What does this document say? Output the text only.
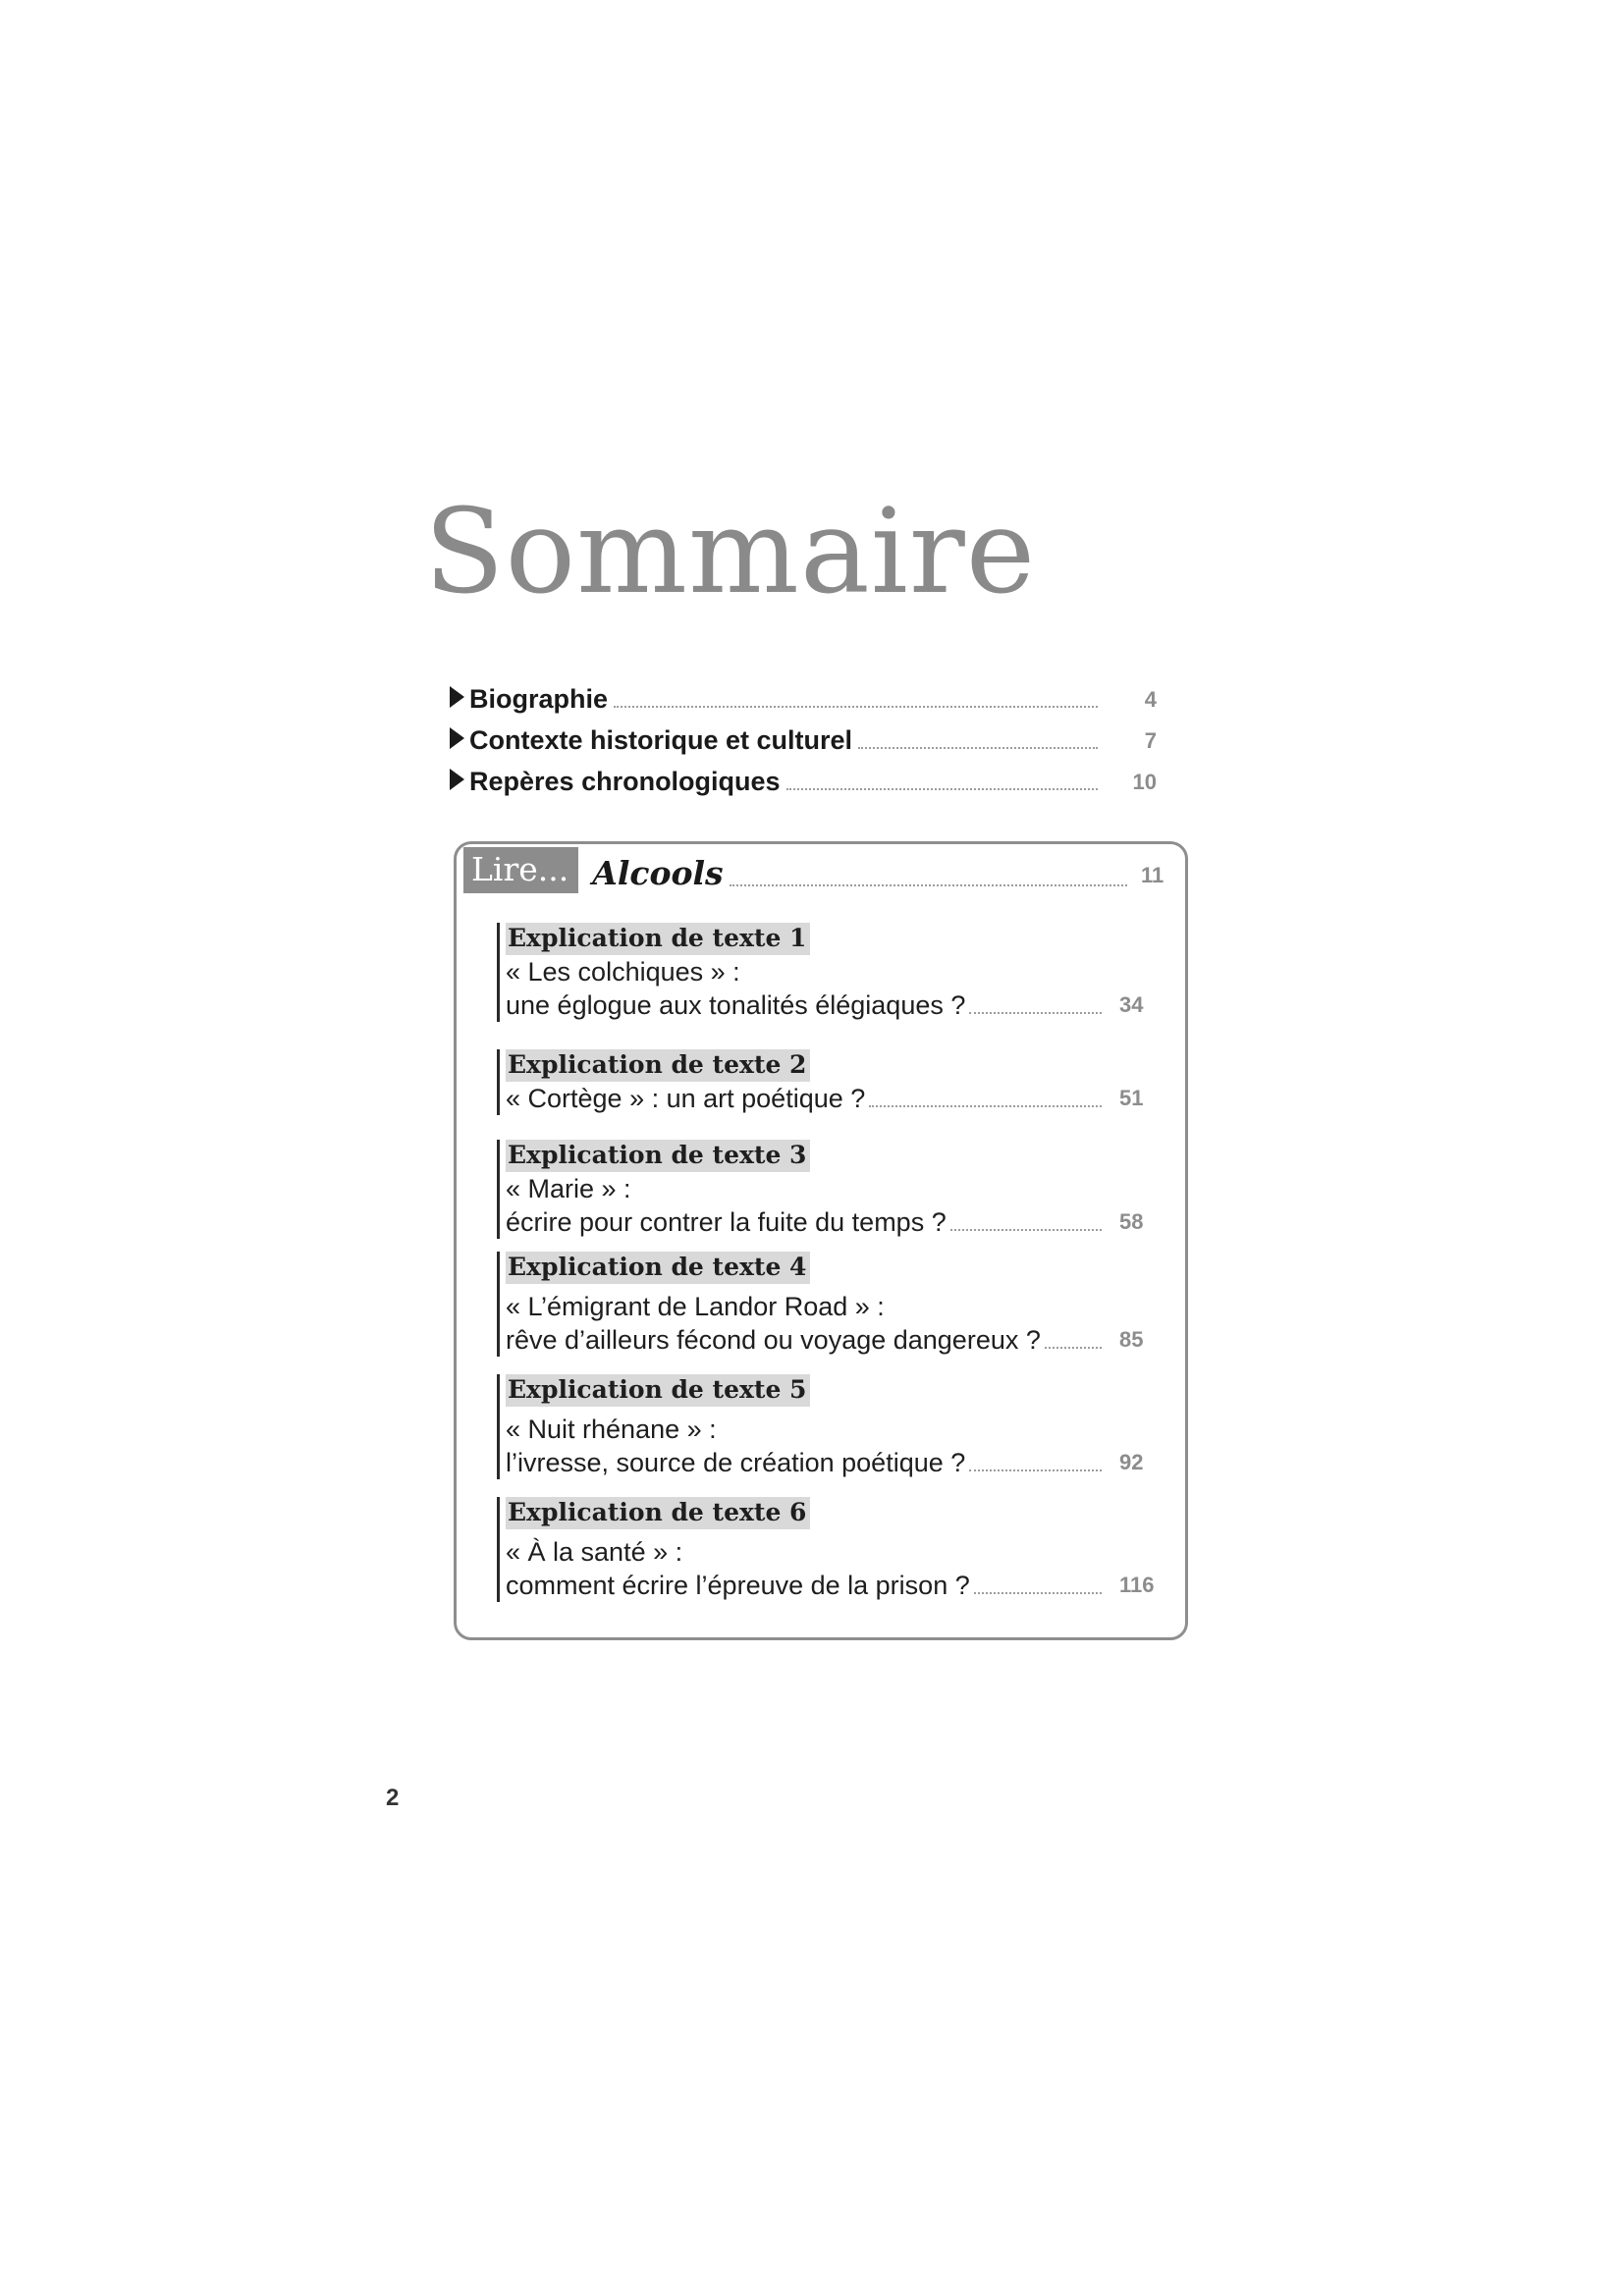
Sommaire
Biographie	4
Contexte historique et culturel	7
Repères chronologiques	10
Lire... Alcools	11
Explication de texte 1
« Les colchiques » :
une églogue aux tonalités élégiaques ?	34
Explication de texte 2
« Cortège » : un art poétique ?	51
Explication de texte 3
« Marie » :
écrire pour contrer la fuite du temps ?	58
Explication de texte 4
« L’émigrant de Landor Road » :
rêve d’ailleurs fécond ou voyage dangereux ?	85
Explication de texte 5
« Nuit rhénane » :
l’ivresse, source de création poétique ?	92
Explication de texte 6
« À la santé » :
comment écrire l’épreuve de la prison ?	116
2
